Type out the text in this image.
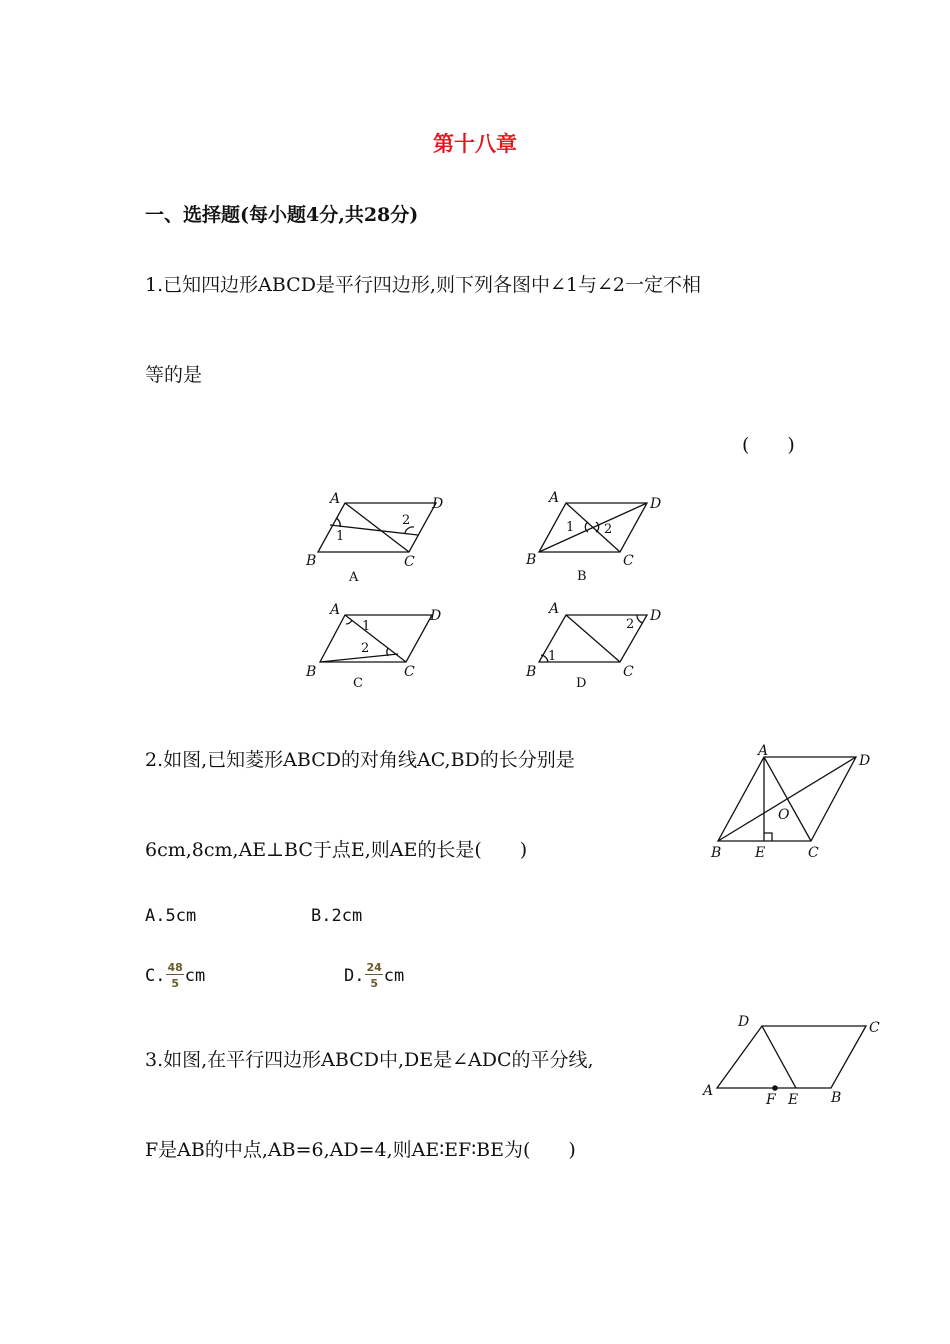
第十八章
一、选择题(每小题4分,共28分)
1.已知四边形ABCD是平行四边形,则下列各图中∠1与∠2一定不相
等的是
(　　)
A	D
B	C
1
2
A
A	D
B	C
1 2
B
A	D
B	C
1
2
C
A	D
B	C
1
2
D
A
D
B E	C
O
D	C
A
F E B
2.如图,已知菱形ABCD的对角线AC,BD的长分别是
6cm,8cm,AE⊥BC于点E,则AE的长是(　　)
A.5cm	B.2cm
C. $\frac{48}{5}$ cm	D. $\frac{24}{5}$ cm
3.如图,在平行四边形ABCD中,DE是∠ADC的平分线,
F是AB的中点,AB=6,AD=4,则AE∶EF∶BE为(　　)
